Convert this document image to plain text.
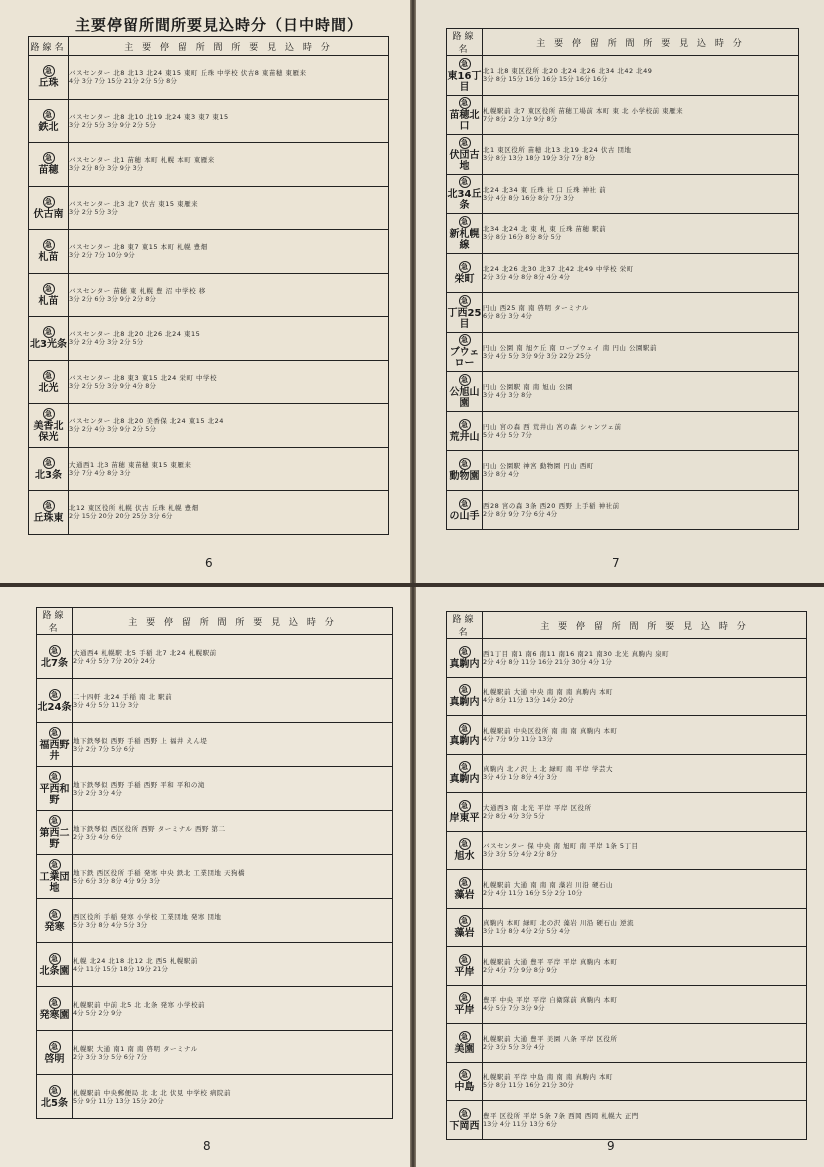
主要停留所間所要見込時分（日中時間）
路線名	主 要 停 留 所 間 所 要 見 込 時 分
急
丘珠	バスセンター 北8 北13 北24 東15 東町 丘珠 中学校 伏古8 東苗穂 東雁来
4分 3分 7分 15分 21分 2分 5分 8分

急
鉄北	バスセンター 北8 北10 北19 北24 東3 東7 東15
3分 2分 5分 3分 9分 2分 5分

急
苗穂	バスセンター 北1 苗穂 本町 札幌 本町 東雁来
3分 2分 8分 3分 9分 3分

急
伏古南	バスセンター 北3 北7 伏古 東15 東雁来
3分 2分 5分 3分

急
札苗	バスセンター 北8 東7 東15 本町 札幌 豊畑
3分 2分 7分 10分 9分

急
札苗	バスセンター 苗穂 東 札幌 豊 沼 中学校 移
3分 2分 6分 3分 9分 2分 8分

急
北3光条	バスセンター 北8 北20 北26 北24 東15
3分 2分 4分 3分 2分 5分

急
北光	バスセンター 北8 東3 東15 北24 栄町 中学校
3分 2分 5分 3分 9分 4分 8分

急
美香北保光	バスセンター 北8 北20 美香保 北24 東15 北24
3分 2分 4分 3分 9分 2分 5分

急
北3条	大通西1 北3 苗穂 東苗穂 東15 東雁来
3分 7分 4分 8分 3分

急
丘珠東	北12 東区役所 札幌 伏古 丘珠 札幌 豊畑
2分 15分 20分 20分 25分 3分 6分
6
路線名	主 要 停 留 所 間 所 要 見 込 時 分
急
東16丁目	北1 北8 東区役所 北20 北24 北26 北34 北42 北49
3分 8分 15分 16分 16分 15分 16分 16分

急
苗穂北口	札幌駅前 北7 東区役所 苗穂工場前 本町 東 北 小学校前 東雁来
7分 8分 2分 1分 9分 8分

急
伏団古地	北1 東区役所 苗穂 北13 北19 北24 伏古 団地
3分 8分 13分 18分 19分 3分 7分 8分

急
北34丘条	北24 北34 東 丘珠 社 口 丘珠 神社 前
3分 4分 8分 16分 8分 7分 3分

急
新札幌線	北34 北24 北 東 札 東 丘珠 苗穂 駅前
3分 8分 16分 8分 8分 5分

急
栄町	北24 北26 北30 北37 北42 北49 中学校 栄町
2分 3分 4分 8分 8分 4分 4分

急
丁西25目	円山 西25 南 南 啓明 ターミナル
6分 8分 3分 4分

急
ブウェロー	円山 公園 南 旭ケ丘 南 ロープウェイ 南 円山 公園駅前
3分 4分 5分 3分 9分 3分 22分 25分

急
公旭山園	円山 公園駅 南 南 旭山 公園
3分 4分 3分 8分

急
荒井山	円山 宮の森 西 荒井山 宮の森 シャンツェ前
5分 4分 5分 7分

急
動物園	円山 公園駅 神宮 動物園 円山 西町
3分 8分 4分

急
の山手	西28 宮の森 3条 西20 西野 上手稲 神社前
2分 8分 9分 7分 6分 4分
7
路線名	主 要 停 留 所 間 所 要 見 込 時 分
急
北7条	大通西4 札幌駅 北5 手稲 北7 北24 札幌駅前
2分 4分 5分 7分 20分 24分

急
北24条	二十四軒 北24 手稲 南 北 駅前
3分 4分 5分 11分 3分

急
福西野井	地下鉄琴似 西野 手稲 西野 上 福井 えん堤
3分 2分 7分 5分 6分

急
平西和野	地下鉄琴似 西野 手稲 西野 平和 平和の滝
3分 2分 3分 4分

急
第西二野	地下鉄琴似 西区役所 西野 ターミナル 西野 第二
2分 3分 4分 6分

急
工業団地	地下鉄 西区役所 手稲 発寒 中央 鉄北 工業団地 天狗橋
5分 6分 3分 8分 4分 9分 3分

急
発寒	西区役所 手稲 発寒 小学校 工業団地 発寒 団地
5分 3分 8分 4分 5分 3分

急
北条園	札幌 北24 北18 北12 北 西5 札幌駅前
4分 11分 15分 18分 19分 21分

急
発寒園	札幌駅前 中前 北5 北 北条 発寒 小学校前
4分 5分 2分 9分

急
啓明	札幌駅 大通 南1 南 南 啓明 ターミナル
2分 3分 3分 5分 6分 7分

急
北5条	札幌駅前 中央郵便局 北 北 北 伏見 中学校 病院前
5分 9分 11分 13分 15分 20分
8
路線名	主 要 停 留 所 間 所 要 見 込 時 分
急
真駒内	西1丁目 南1 南6 南11 南16 南21 南30 北光 真駒内 泉町
2分 4分 8分 11分 16分 21分 30分 4分 1分

急
真駒内	札幌駅前 大通 中央 南 南 南 真駒内 本町
4分 8分 11分 13分 14分 20分

急
真駒内	札幌駅前 中央区役所 南 南 南 真駒内 本町
4分 7分 9分 11分 13分

急
真駒内	真駒内 北ノ沢 上 北 緑町 南 平岸 学芸大
3分 4分 1分 8分 4分 3分

急
岸東平	大通西3 南 北光 平岸 平岸 区役所
2分 8分 4分 3分 5分

急
旭水	バスセンター 保 中央 南 旭町 南 平岸 1条 5丁目
3分 3分 5分 4分 2分 8分

急
藻岩	札幌駅前 大通 南 南 南 藻岩 川沿 硬石山
2分 4分 11分 16分 5分 2分 10分

急
藻岩	真駒内 本町 緑町 北の沢 藻岩 川沿 硬石山 逆流
3分 1分 8分 4分 2分 5分 4分

急
平岸	札幌駅前 大通 豊平 平岸 平岸 真駒内 本町
2分 4分 7分 9分 8分 9分

急
平岸	豊平 中央 平岸 平岸 自衛隊前 真駒内 本町
4分 5分 7分 3分 9分

急
美園	札幌駅前 大通 豊平 美園 八条 平岸 区役所
2分 3分 5分 3分 4分

急
中島	札幌駅前 平岸 中島 南 南 南 真駒内 本町
5分 8分 11分 16分 21分 30分

急
下岡西	豊平 区役所 平岸 5条 7条 西岡 西岡 札幌大 正門
13分 4分 11分 13分 6分
9
